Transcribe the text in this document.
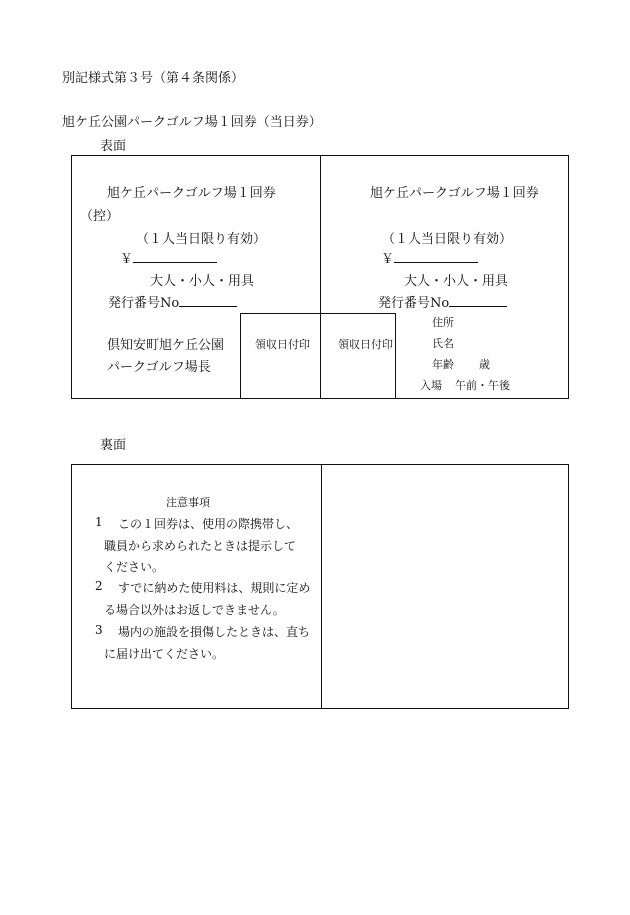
別記様式第３号（第４条関係）
旭ケ丘公園パークゴルフ場１回券（当日券）
表面
旭ケ丘パークゴルフ場１回券
（控）
（１人当日限り有効）
￥
大人・小人・用具
発行番号No
倶知安町旭ケ丘公園
パークゴルフ場長
領収日付印
旭ケ丘パークゴルフ場１回券
（１人当日限り有効）
￥
大人・小人・用具
発行番号No
領収日付印
住所
氏名
年齢 歳
入場 午前・午後
裏面
注意事項
1 この１回券は、使用の際携帯し、
職員から求められたときは提示して
ください。
2 すでに納めた使用料は、規則に定め
る場合以外はお返しできません。
3 場内の施設を損傷したときは、直ち
に届け出てください。
